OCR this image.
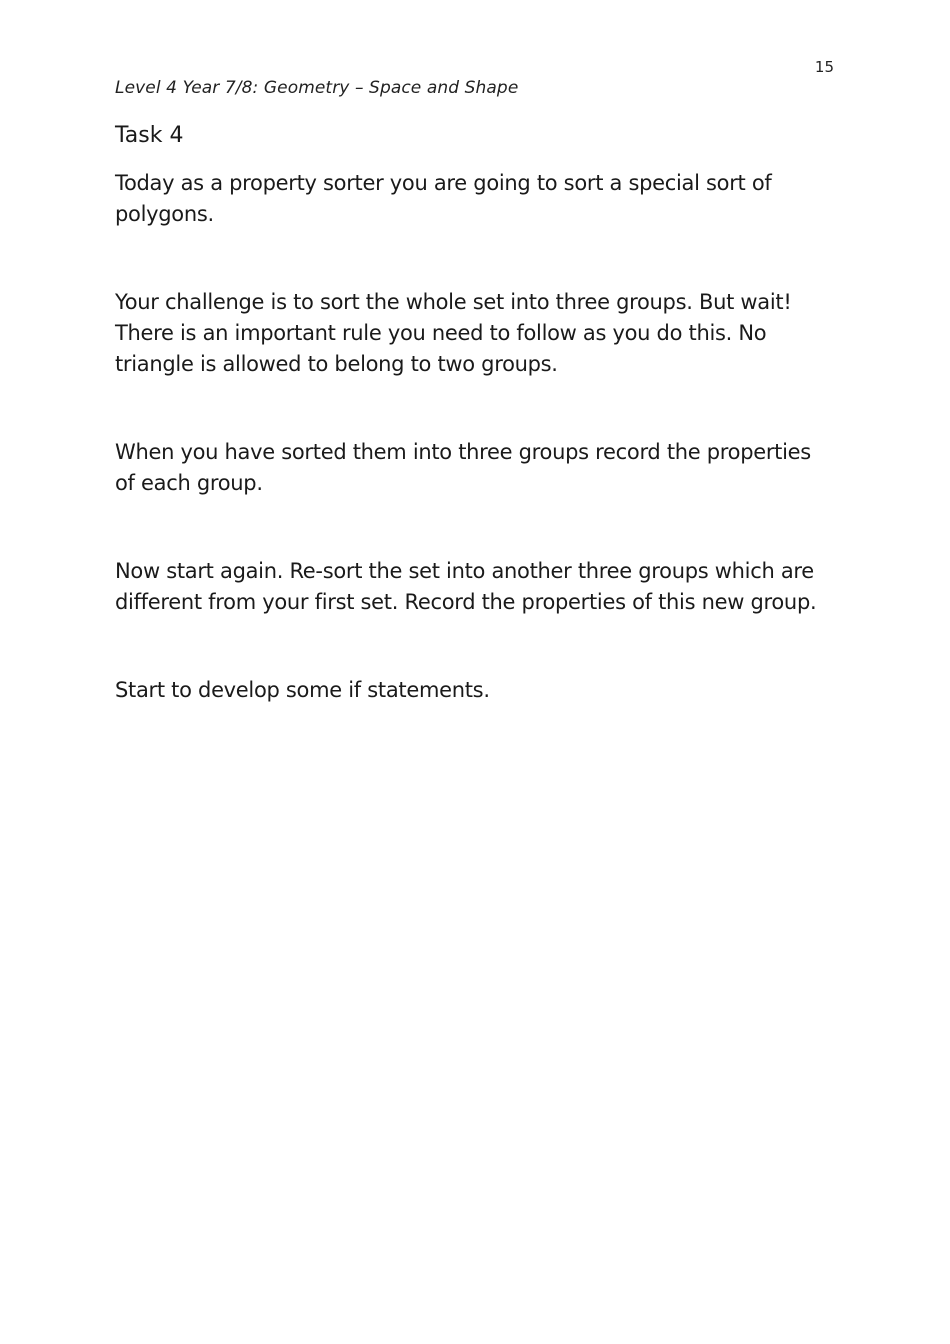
15
Level 4 Year 7/8: Geometry – Space and Shape
Task 4

Today as a property sorter you are going to sort a special sort of polygons.

Your challenge is to sort the whole set into three groups. But wait! There is an important rule you need to follow as you do this. No triangle is allowed to belong to two groups.

When you have sorted them into three groups record the properties of each group.

Now start again. Re-sort the set into another three groups which are different from your first set. Record the properties of this new group.

Start to develop some if statements.
